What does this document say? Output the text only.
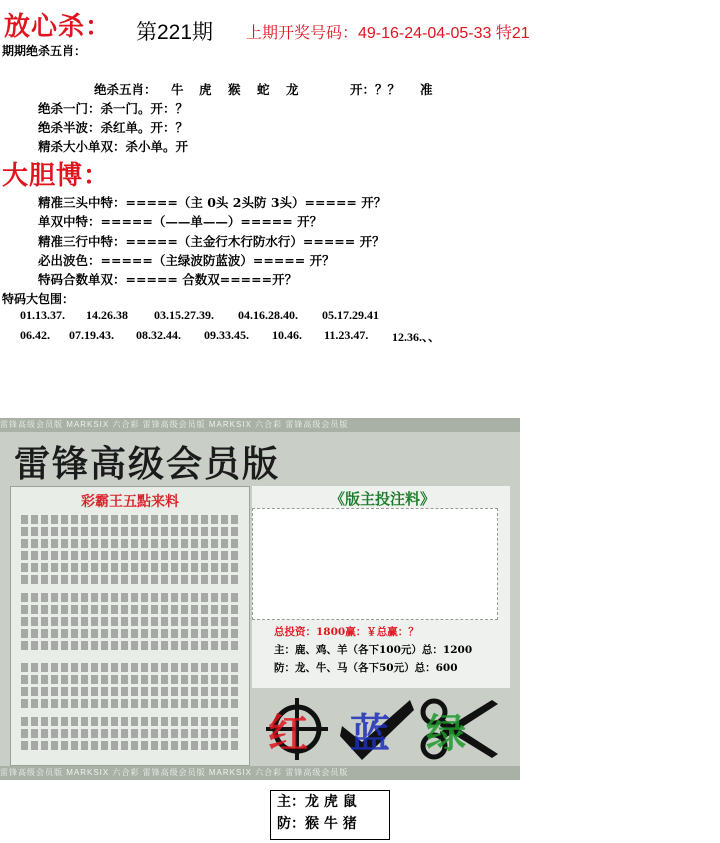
放心杀： 第221期 上期开奖号码：49-16-24-04-05-33 特21
期期绝杀五肖：
绝杀五肖： 牛 虎 猴 蛇 龙	开：？？ 准
绝杀一门：杀一门。开：？
绝杀半波：杀红单。开：？
精杀大小单双：杀小单。开
大胆博：
精准三头中特：=====（主 0头 2头防 3头）===== 开？
单双中特：=====（——单——）===== 开？
精准三行中特：=====（主金行木行防水行）===== 开？
必出波色：=====（主绿波防蓝波）===== 开？
特码合数单双：===== 合数双=====开？
特码大包围：
01.13.37. 14.26.38 03.15.27.39. 04.16.28.40. 05.17.29.41
06.42. 07.19.43. 08.32.44. 09.33.45. 10.46. 11.23.47. 12.36.、、
雷锋高级会员版 MARKSIX 六合彩 雷锋高级会员版 MARKSIX 六合彩 雷锋高级会员版
雷锋高级会员版 MARKSIX 六合彩 雷锋高级会员版 MARKSIX 六合彩 雷锋高级会员版
雷锋高级会员版
彩霸王五點来料	《版主投注料》
总投资：1800赢：￥总赢：？
主：鹿、鸡、羊（各下100元）总：1200
防：龙、牛、马（各下50元）总：600
红 蓝 绿
主：龙 虎 鼠
防：猴 牛 猪
